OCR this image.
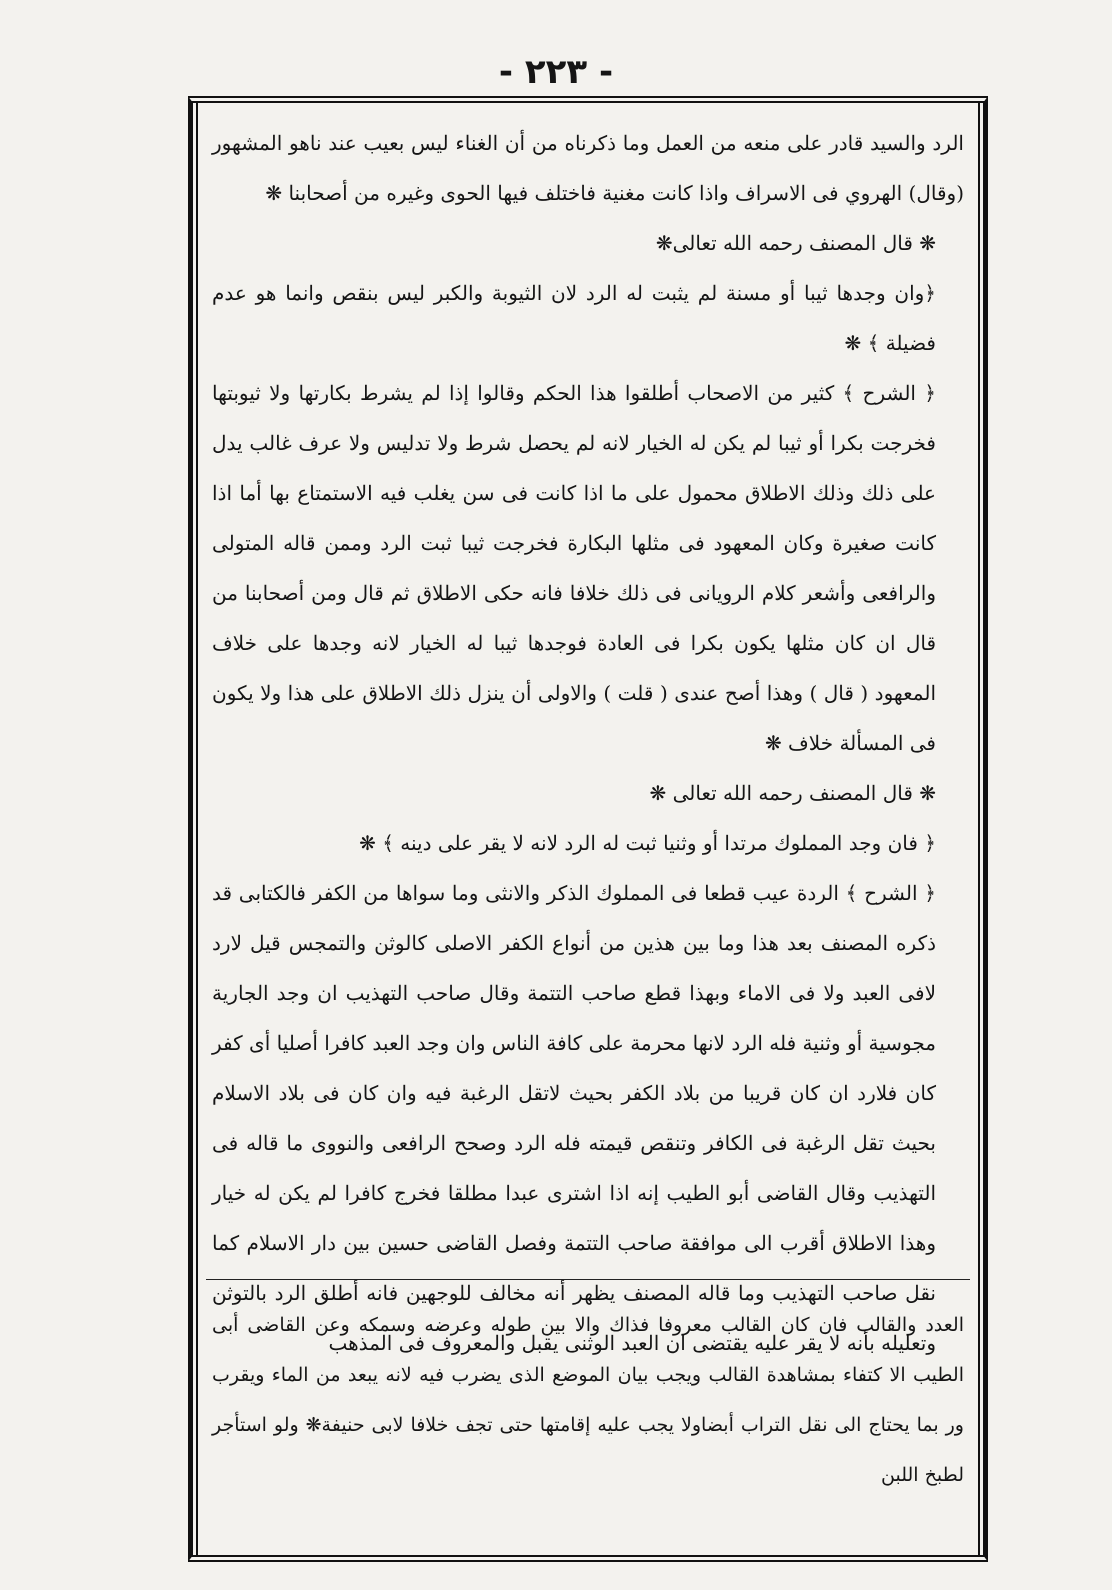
- ٢٢٣ -

الرد والسيد قادر على منعه من العمل وما ذكرناه من أن الغناء ليس بعيب عند ناهو المشهور (وقال) الهروي فى الاسراف واذا كانت مغنية فاختلف فيها الحوى وغيره من أصحابنا ❋

❋ قال المصنف رحمه الله تعالى❋

﴿وان وجدها ثيبا أو مسنة لم يثبت له الرد لان الثيوبة والكبر ليس بنقص وانما هو عدم فضيلة ﴾ ❋

﴿ الشرح ﴾ كثير من الاصحاب أطلقوا هذا الحكم وقالوا إذا لم يشرط بكارتها ولا ثيوبتها فخرجت بكرا أو ثيبا لم يكن له الخيار لانه لم يحصل شرط ولا تدليس ولا عرف غالب يدل على ذلك وذلك الاطلاق محمول على ما اذا كانت فى سن يغلب فيه الاستمتاع بها أما اذا كانت صغيرة وكان المعهود فى مثلها البكارة فخرجت ثيبا ثبت الرد وممن قاله المتولى والرافعى وأشعر كلام الرويانى فى ذلك خلافا فانه حكى الاطلاق ثم قال ومن أصحابنا من قال ان كان مثلها يكون بكرا فى العادة فوجدها ثيبا له الخيار لانه وجدها على خلاف المعهود ( قال ) وهذا أصح عندى ( قلت ) والاولى أن ينزل ذلك الاطلاق على هذا ولا يكون فى المسألة خلاف ❋

❋ قال المصنف رحمه الله تعالى ❋

﴿ فان وجد المملوك مرتدا أو وثنيا ثبت له الرد لانه لا يقر على دينه ﴾ ❋

﴿ الشرح ﴾ الردة عيب قطعا فى المملوك الذكر والانثى وما سواها من الكفر فالكتابى قد ذكره المصنف بعد هذا وما بين هذين من أنواع الكفر الاصلى كالوثن والتمجس قيل لارد لافى العبد ولا فى الاماء وبهذا قطع صاحب التتمة وقال صاحب التهذيب ان وجد الجارية مجوسية أو وثنية فله الرد لانها محرمة على كافة الناس وان وجد العبد كافرا أصليا أى كفر كان فلارد ان كان قريبا من بلاد الكفر بحيث لاتقل الرغبة فيه وان كان فى بلاد الاسلام بحيث تقل الرغبة فى الكافر وتنقص قيمته فله الرد وصحح الرافعى والنووى ما قاله فى التهذيب وقال القاضى أبو الطيب إنه اذا اشترى عبدا مطلقا فخرج كافرا لم يكن له خيار وهذا الاطلاق أقرب الى موافقة صاحب التتمة وفصل القاضى حسين بين دار الاسلام كما نقل صاحب التهذيب وما قاله المصنف يظهر أنه مخالف للوجهين فانه أطلق الرد بالتوثن وتعليله بأنه لا يقر عليه يقتضى ان العبد الوثنى يقبل والمعروف فى المذهب

العدد والقالب فان كان القالب معروفا فذاك والا بين طوله وعرضه وسمكه وعن القاضى أبى الطيب الا كتفاء بمشاهدة القالب ويجب بيان الموضع الذى يضرب فيه لانه يبعد من الماء ويقرب ور بما يحتاج الى نقل التراب أبضاولا يجب عليه إقامتها حتى تجف خلافا لابى حنيفة❋ ولو استأجر لطبخ اللبن
